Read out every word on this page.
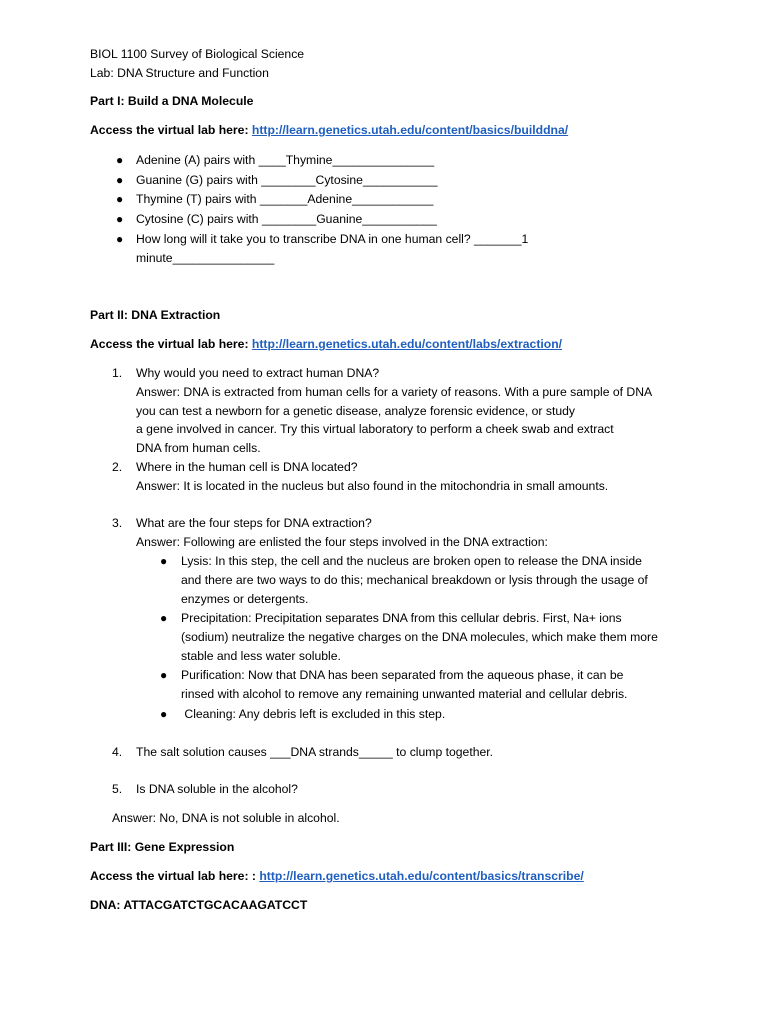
BIOL 1100 Survey of Biological Science
Lab: DNA Structure and Function
Part I: Build a DNA Molecule
Access the virtual lab here: http://learn.genetics.utah.edu/content/basics/builddna/
● Adenine (A) pairs with ____Thymine_______________
● Guanine (G) pairs with ________Cytosine___________
● Thymine (T) pairs with _______Adenine____________
● Cytosine (C) pairs with ________Guanine___________
● How long will it take you to transcribe DNA in one human cell? _______1
minute_______________
Part II: DNA Extraction
Access the virtual lab here: http://learn.genetics.utah.edu/content/labs/extraction/
1. Why would you need to extract human DNA?
Answer: DNA is extracted from human cells for a variety of reasons. With a pure sample of DNA
you can test a newborn for a genetic disease, analyze forensic evidence, or study
a gene involved in cancer. Try this virtual laboratory to perform a cheek swab and extract
DNA from human cells.
2. Where in the human cell is DNA located?
Answer: It is located in the nucleus but also found in the mitochondria in small amounts.
3. What are the four steps for DNA extraction?
Answer: Following are enlisted the four steps involved in the DNA extraction:
● Lysis: In this step, the cell and the nucleus are broken open to release the DNA inside
and there are two ways to do this; mechanical breakdown or lysis through the usage of
enzymes or detergents.
● Precipitation: Precipitation separates DNA from this cellular debris. First, Na+ ions
(sodium) neutralize the negative charges on the DNA molecules, which make them more
stable and less water soluble.
● Purification: Now that DNA has been separated from the aqueous phase, it can be
rinsed with alcohol to remove any remaining unwanted material and cellular debris.
● Cleaning: Any debris left is excluded in this step.
4. The salt solution causes ___DNA strands_____ to clump together.
5. Is DNA soluble in the alcohol?
Answer: No, DNA is not soluble in alcohol.
Part III: Gene Expression
Access the virtual lab here: : http://learn.genetics.utah.edu/content/basics/transcribe/
DNA: ATTACGATCTGCACAAGATCCT
